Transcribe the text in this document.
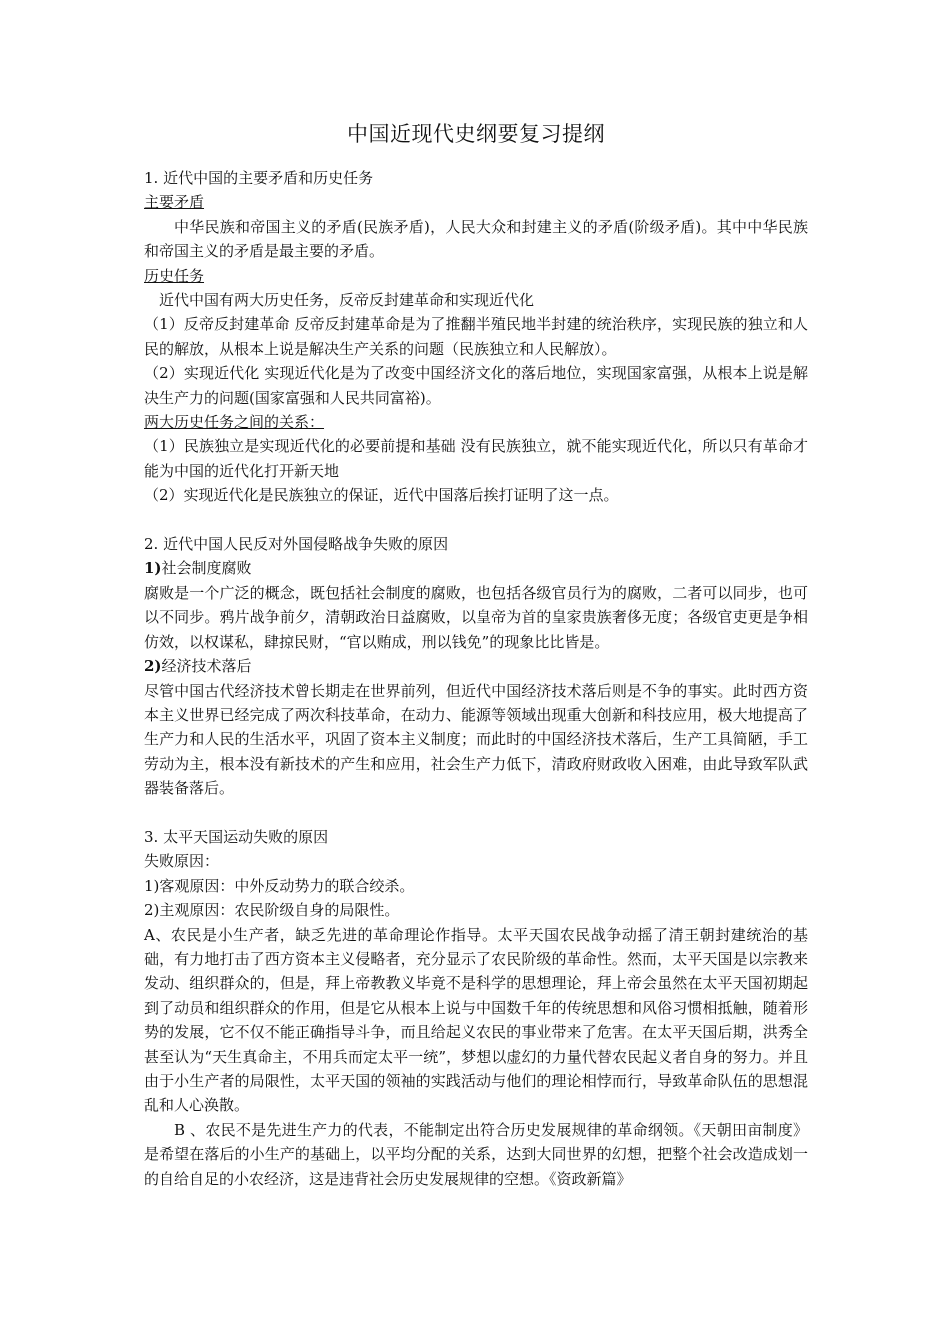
中国近现代史纲要复习提纲

1. 近代中国的主要矛盾和历史任务

主要矛盾

中华民族和帝国主义的矛盾(民族矛盾)，人民大众和封建主义的矛盾(阶级矛盾)。其中中华民族和帝国主义的矛盾是最主要的矛盾。

历史任务

近代中国有两大历史任务，反帝反封建革命和实现近代化

（1）反帝反封建革命 反帝反封建革命是为了推翻半殖民地半封建的统治秩序，实现民族的独立和人民的解放，从根本上说是解决生产关系的问题（民族独立和人民解放）。

（2）实现近代化 实现近代化是为了改变中国经济文化的落后地位，实现国家富强，从根本上说是解决生产力的问题(国家富强和人民共同富裕)。

两大历史任务之间的关系：

（1）民族独立是实现近代化的必要前提和基础 没有民族独立，就不能实现近代化，所以只有革命才能为中国的近代化打开新天地

（2）实现近代化是民族独立的保证，近代中国落后挨打证明了这一点。

2. 近代中国人民反对外国侵略战争失败的原因

1)社会制度腐败

腐败是一个广泛的概念，既包括社会制度的腐败，也包括各级官员行为的腐败，二者可以同步，也可以不同步。鸦片战争前夕，清朝政治日益腐败，以皇帝为首的皇家贵族奢侈无度；各级官吏更是争相仿效，以权谋私，肆掠民财，“官以贿成，刑以钱免”的现象比比皆是。

2)经济技术落后

尽管中国古代经济技术曾长期走在世界前列，但近代中国经济技术落后则是不争的事实。此时西方资本主义世界已经完成了两次科技革命，在动力、能源等领域出现重大创新和科技应用，极大地提高了生产力和人民的生活水平，巩固了资本主义制度；而此时的中国经济技术落后，生产工具简陋，手工劳动为主，根本没有新技术的产生和应用，社会生产力低下，清政府财政收入困难，由此导致军队武器装备落后。

3. 太平天国运动失败的原因

失败原因：

1)客观原因：中外反动势力的联合绞杀。

2)主观原因：农民阶级自身的局限性。

A、农民是小生产者，缺乏先进的革命理论作指导。太平天国农民战争动摇了清王朝封建统治的基础，有力地打击了西方资本主义侵略者，充分显示了农民阶级的革命性。然而，太平天国是以宗教来发动、组织群众的，但是，拜上帝教教义毕竟不是科学的思想理论，拜上帝会虽然在太平天国初期起到了动员和组织群众的作用，但是它从根本上说与中国数千年的传统思想和风俗习惯相抵触，随着形势的发展，它不仅不能正确指导斗争，而且给起义农民的事业带来了危害。在太平天国后期，洪秀全甚至认为“天生真命主，不用兵而定太平一统”，梦想以虚幻的力量代替农民起义者自身的努力。并且由于小生产者的局限性，太平天国的领袖的实践活动与他们的理论相悖而行，导致革命队伍的思想混乱和人心涣散。

B 、农民不是先进生产力的代表，不能制定出符合历史发展规律的革命纲领。《天朝田亩制度》是希望在落后的小生产的基础上，以平均分配的关系，达到大同世界的幻想，把整个社会改造成划一的自给自足的小农经济，这是违背社会历史发展规律的空想。《资政新篇》
